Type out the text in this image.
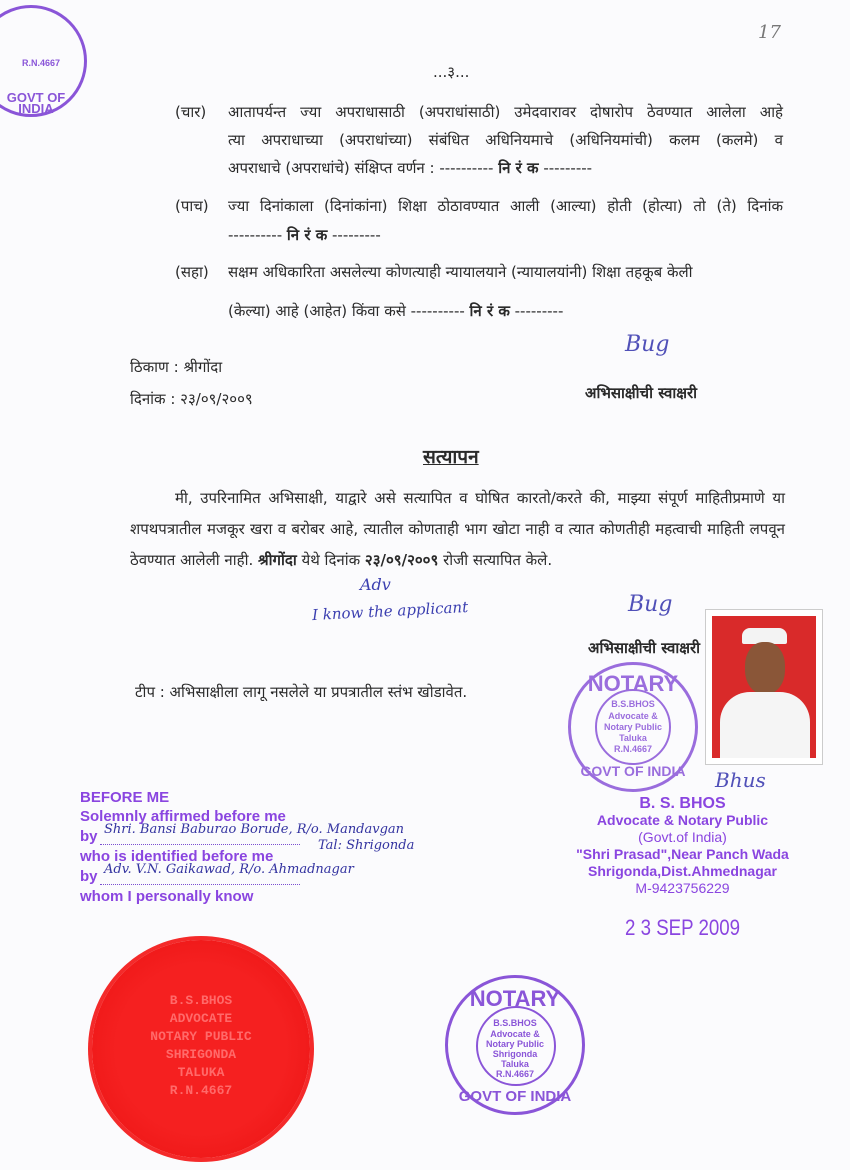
17
R.N.4667
GOVT OF INDIA
...३...
(चार) आतापर्यन्त ज्या अपराधासाठी (अपराधांसाठी) उमेदवारावर दोषारोप ठेवण्यात आलेला आहे
त्या अपराधाच्या (अपराधांच्या) संबंधित अधिनियमाचे (अधिनियमांची) कलम (कलमे) व
अपराधाचे (अपराधांचे) संक्षिप्त वर्णन : ---------- नि रं क ---------
(पाच) ज्या दिनांकाला (दिनांकांना) शिक्षा ठोठावण्यात आली (आल्या) होती (होत्या) तो (ते) दिनांक
---------- नि रं क ---------
(सहा) सक्षम अधिकारिता असलेल्या कोणत्याही न्यायालयाने (न्यायालयांनी) शिक्षा तहकूब केली
(केल्या) आहे (आहेत) किंवा कसे ---------- नि रं क ---------
Bug
ठिकाण : श्रीगोंदा
दिनांक : २३/०९/२००९	अभिसाक्षीची स्वाक्षरी
सत्यापन
मी, उपरिनामित अभिसाक्षी, याद्वारे असे सत्यापित व घोषित कारतो/करते की, माझ्या संपूर्ण माहितीप्रमाणे या शपथपत्रातील मजकूर खरा व बरोबर आहे, त्यातील कोणताही भाग खोटा नाही व त्यात कोणतीही महत्वाची माहिती लपवून ठेवण्यात आलेली नाही. श्रीगोंदा येथे दिनांक २३/०९/२००९ रोजी सत्यापित केले.
Adv
I know the applicant	Bug
अभिसाक्षीची स्वाक्षरी
टीप : अभिसाक्षीला लागू नसलेले या प्रपत्रातील स्तंभ खोडावेत.	NOTARY
B.S.BHOS
Advocate &
Notary Public
Taluka
R.N.4667
GOVT OF INDIA	Bhus
BEFORE ME
Solemnly affirmed before me
by Shri. Bansi Baburao Borude, R/o. Mandavgan
Tal: Shrigonda
who is identified before me
by Adv. V.N. Gaikawad, R/o. Ahmadnagar
whom I personally know
B. S. BHOS
Advocate & Notary Public
(Govt.of India)
"Shri Prasad",Near Panch Wada
Shrigonda,Dist.Ahmednagar
M-9423756229
2 3 SEP 2009
B.S.BHOS
ADVOCATE
NOTARY PUBLIC
SHRIGONDA
TALUKA
R.N.4667
NOTARY
B.S.BHOS
Advocate &
Notary Public
Shrigonda
Taluka
R.N.4667
GOVT OF INDIA
